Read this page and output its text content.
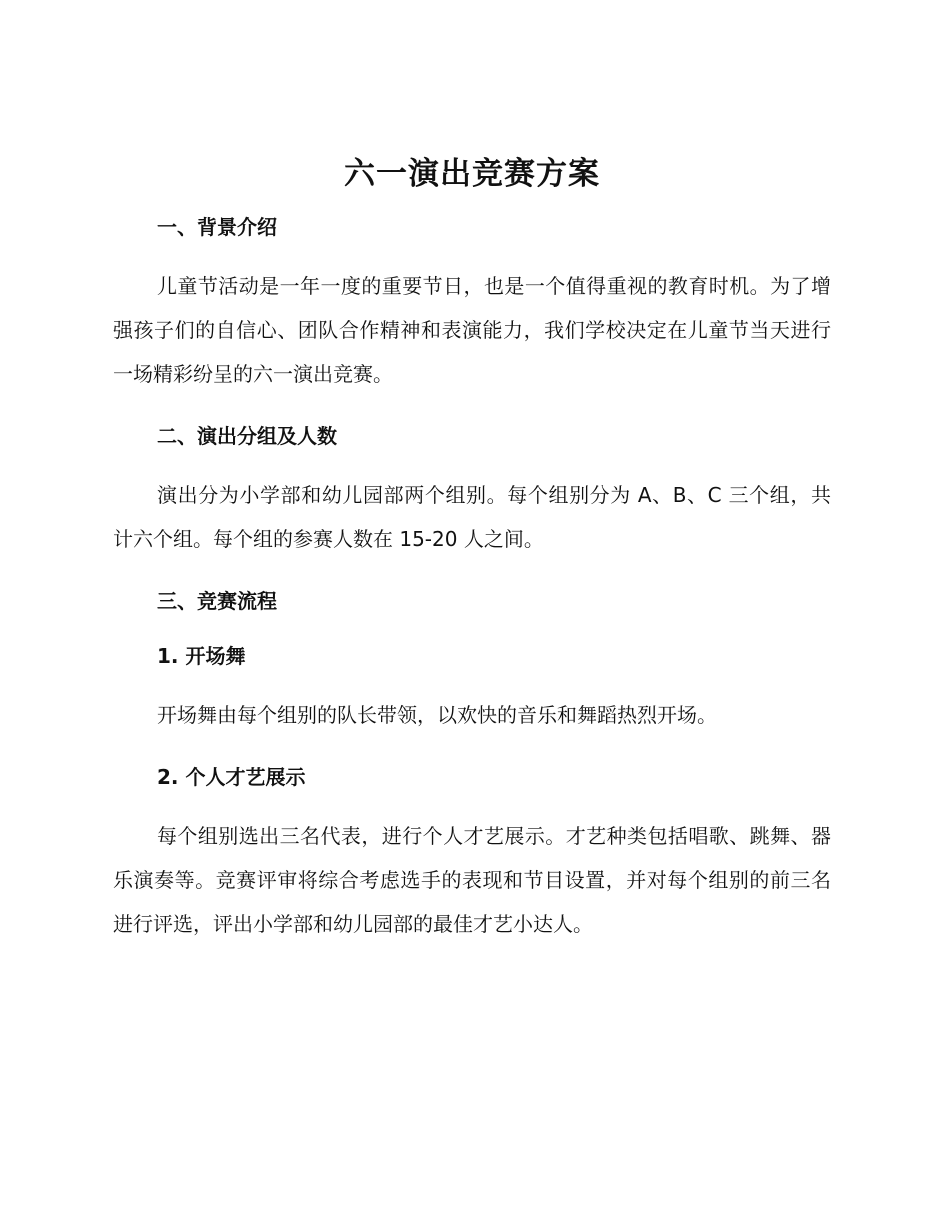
六一演出竞赛方案
一、背景介绍

儿童节活动是一年一度的重要节日，也是一个值得重视的教育时机。为了增强孩子们的自信心、团队合作精神和表演能力，我们学校决定在儿童节当天进行一场精彩纷呈的六一演出竞赛。

二、演出分组及人数

演出分为小学部和幼儿园部两个组别。每个组别分为 A、B、C 三个组，共计六个组。每个组的参赛人数在 15-20 人之间。

三、竞赛流程
1. 开场舞

开场舞由每个组别的队长带领，以欢快的音乐和舞蹈热烈开场。

2. 个人才艺展示

每个组别选出三名代表，进行个人才艺展示。才艺种类包括唱歌、跳舞、器乐演奏等。竞赛评审将综合考虑选手的表现和节目设置，并对每个组别的前三名进行评选，评出小学部和幼儿园部的最佳才艺小达人。
